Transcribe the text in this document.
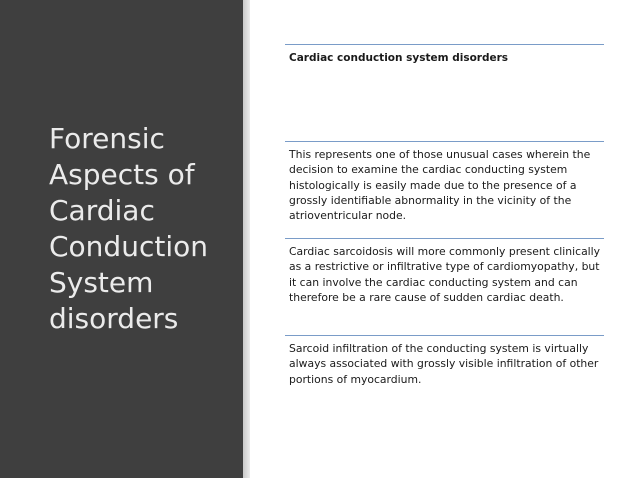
Forensic
Aspects of
Cardiac
Conduction
System
disorders
Cardiac conduction system disorders
This represents one of those unusual cases wherein the decision to examine the cardiac conducting system histologically is easily made due to the presence of a grossly identifiable abnormality in the vicinity of the atrioventricular node.
Cardiac sarcoidosis will more commonly present clinically as a restrictive or infiltrative type of cardiomyopathy, but it can involve the cardiac conducting system and can therefore be a rare cause of sudden cardiac death.
Sarcoid infiltration of the conducting system is virtually always associated with grossly visible infiltration of other portions of myocardium.
